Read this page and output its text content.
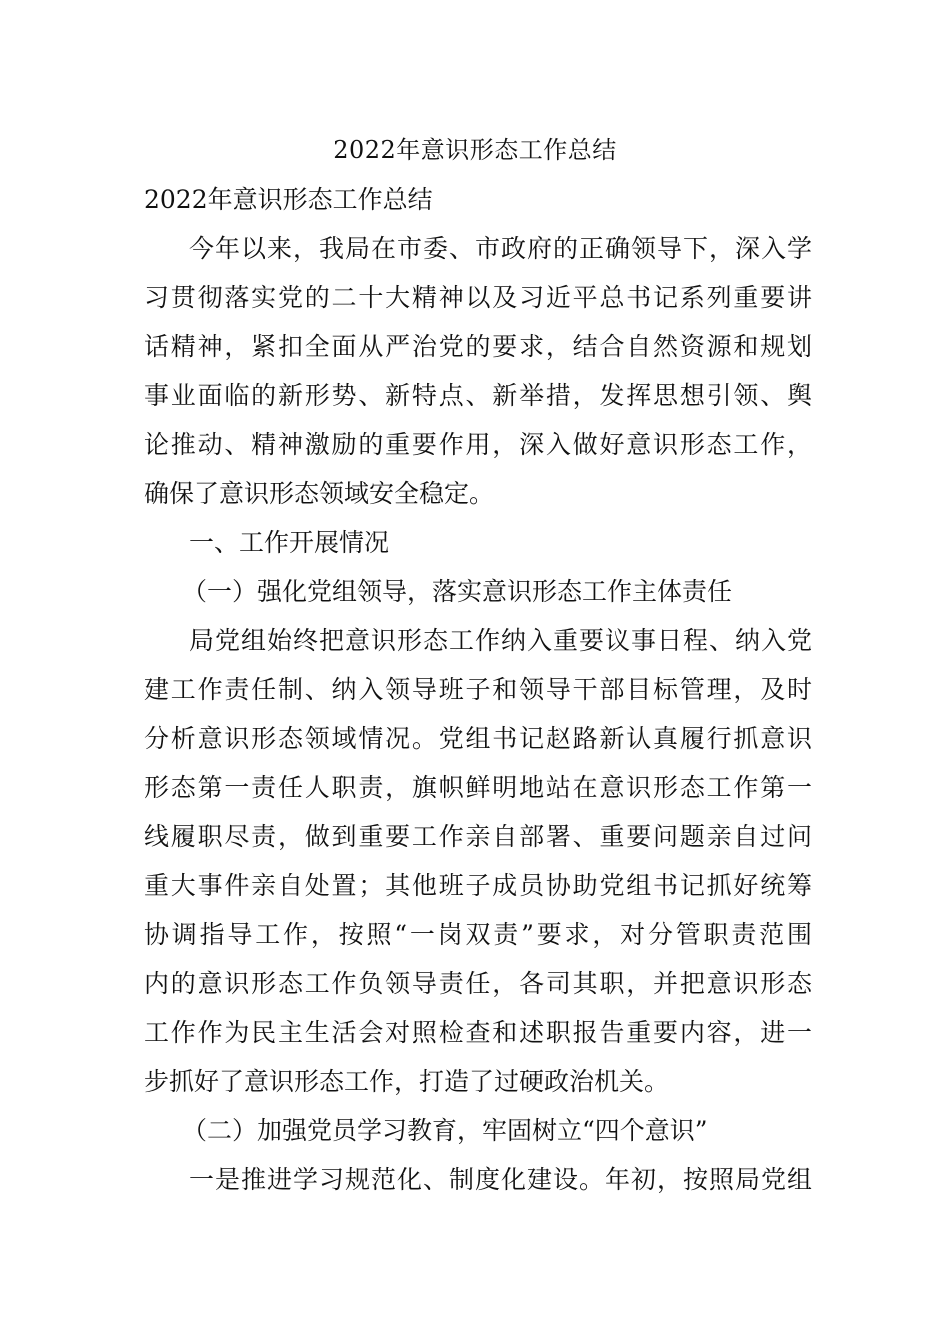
2022年意识形态工作总结
2022年意识形态工作总结
今年以来，我局在市委、市政府的正确领导下，深入学
习贯彻落实党的二十大精神以及习近平总书记系列重要讲
话精神，紧扣全面从严治党的要求，结合自然资源和规划
事业面临的新形势、新特点、新举措，发挥思想引领、舆
论推动、精神激励的重要作用，深入做好意识形态工作，
确保了意识形态领域安全稳定。
一、工作开展情况
（一）强化党组领导，落实意识形态工作主体责任
局党组始终把意识形态工作纳入重要议事日程、纳入党
建工作责任制、纳入领导班子和领导干部目标管理，及时
分析意识形态领域情况。党组书记赵路新认真履行抓意识
形态第一责任人职责，旗帜鲜明地站在意识形态工作第一
线履职尽责，做到重要工作亲自部署、重要问题亲自过问
重大事件亲自处置；其他班子成员协助党组书记抓好统筹
协调指导工作，按照“一岗双责”要求，对分管职责范围
内的意识形态工作负领导责任，各司其职，并把意识形态
工作作为民主生活会对照检查和述职报告重要内容，进一
步抓好了意识形态工作，打造了过硬政治机关。
（二）加强党员学习教育，牢固树立“四个意识”
一是推进学习规范化、制度化建设。年初，按照局党组
